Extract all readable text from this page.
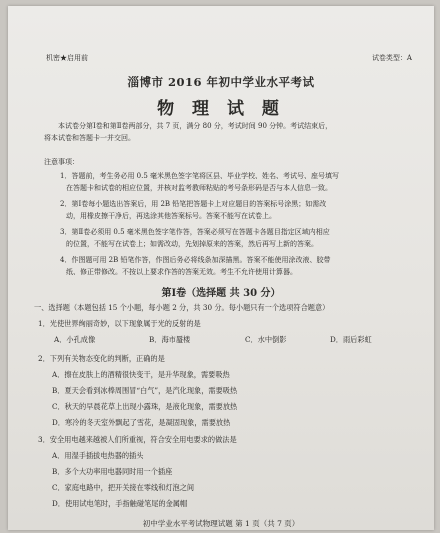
机密★启用前	试卷类型：A
淄博市 2016 年初中学业水平考试
物 理 试 题
本试卷分第Ⅰ卷和第Ⅱ卷两部分，共 7 页，满分 80 分，考试时间 90 分钟。考试结束后，
将本试卷和答题卡一并交回。
注意事项：
1．答题前，考生务必用 0.5 毫米黑色签字笔将区县、毕业学校、姓名、考试号、座号填写
在答题卡和试卷的相应位置，并核对监考教师粘贴的考号条形码是否与本人信息一致。
2．第Ⅰ卷每小题选出答案后，用 2B 铅笔把答题卡上对应题目的答案标号涂黑；如需改
动，用橡皮擦干净后，再选涂其他答案标号。答案不能写在试卷上。
3．第Ⅱ卷必须用 0.5 毫米黑色签字笔作答，答案必须写在答题卡各题目指定区域内相应
的位置，不能写在试卷上；如需改动，先划掉原来的答案，然后再写上新的答案。
4．作图题可用 2B 铅笔作答，作图后务必将线条加深描黑。答案不能使用涂改液、胶带
纸、修正带修改。不按以上要求作答的答案无效。考生不允许使用计算器。
第Ⅰ卷（选择题 共 30 分）
一、选择题（本题包括 15 个小题，每小题 2 分，共 30 分。每小题只有一个选项符合题意）
1．光使世界绚丽奇妙，以下现象属于光的反射的是
A．小孔成像	B．海市蜃楼	C．水中倒影	D．雨后彩虹
2．下列有关物态变化的判断，正确的是
A．擦在皮肤上的酒精很快变干，是升华现象，需要吸热
B．夏天会看到冰棒周围冒“白气”，是汽化现象，需要吸热
C．秋天的早晨花草上出现小露珠，是液化现象，需要放热
D．寒冷的冬天室外飘起了雪花，是凝固现象，需要放热
3．安全用电越来越被人们所重视，符合安全用电要求的做法是
A．用湿手插拔电热器的插头
B．多个大功率用电器同时用一个插座
C．家庭电路中，把开关接在零线和灯泡之间
D．使用试电笔时，手指触碰笔尾的金属帽
初中学业水平考试物理试题 第 1 页（共 7 页）
